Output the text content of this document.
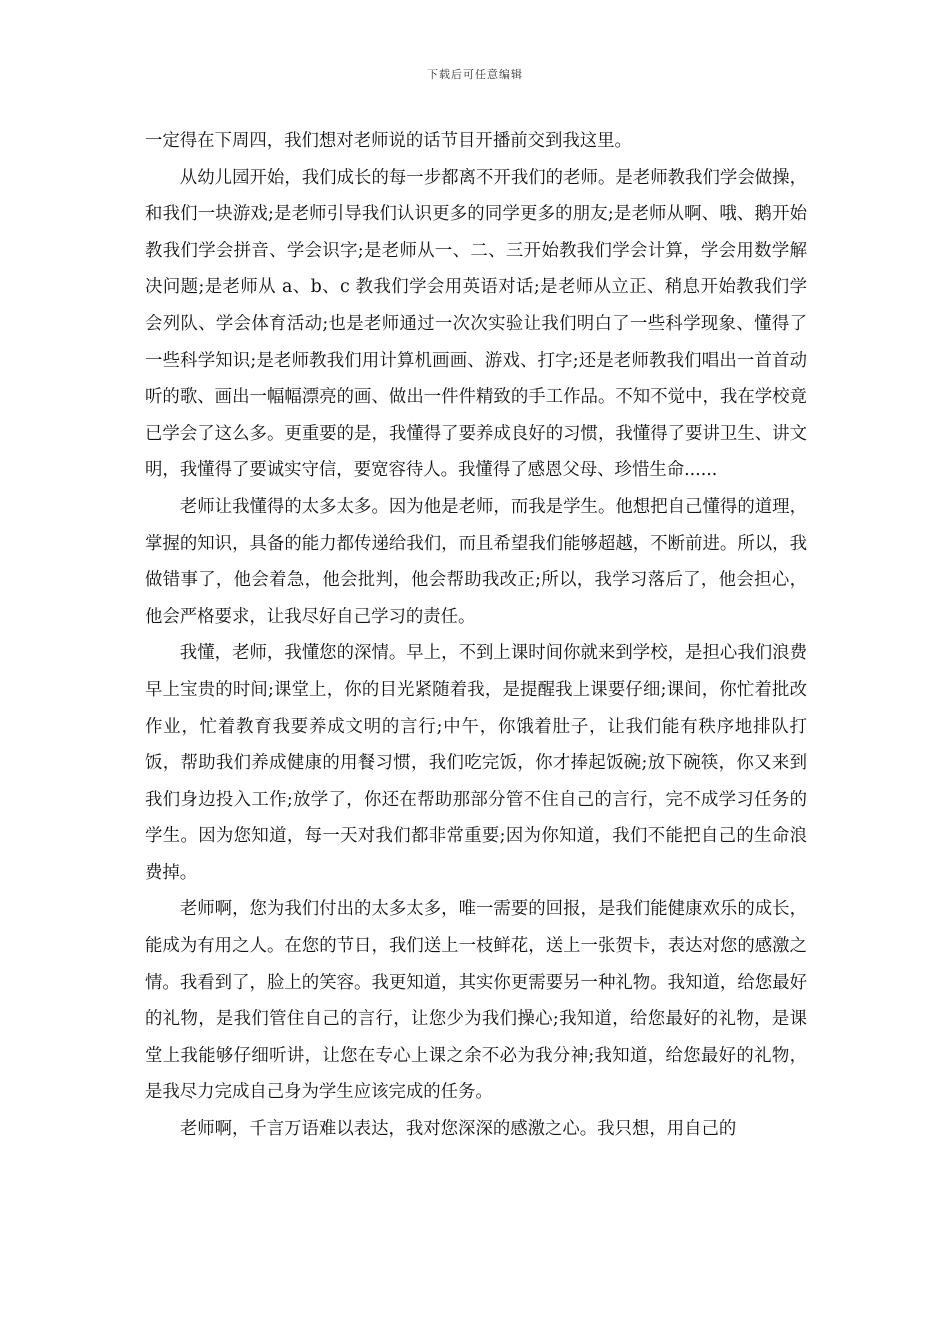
下载后可任意编辑

一定得在下周四，我们想对老师说的话节目开播前交到我这里。

从幼儿园开始，我们成长的每一步都离不开我们的老师。是老师教我们学会做操，和我们一块游戏;是老师引导我们认识更多的同学更多的朋友;是老师从啊、哦、鹅开始教我们学会拼音、学会识字;是老师从一、二、三开始教我们学会计算，学会用数学解决问题;是老师从 a、b、c 教我们学会用英语对话;是老师从立正、稍息开始教我们学会列队、学会体育活动;也是老师通过一次次实验让我们明白了一些科学现象、懂得了一些科学知识;是老师教我们用计算机画画、游戏、打字;还是老师教我们唱出一首首动听的歌、画出一幅幅漂亮的画、做出一件件精致的手工作品。不知不觉中，我在学校竟已学会了这么多。更重要的是，我懂得了要养成良好的习惯，我懂得了要讲卫生、讲文明，我懂得了要诚实守信，要宽容待人。我懂得了感恩父母、珍惜生命......

老师让我懂得的太多太多。因为他是老师，而我是学生。他想把自己懂得的道理，掌握的知识，具备的能力都传递给我们，而且希望我们能够超越，不断前进。所以，我做错事了，他会着急，他会批判，他会帮助我改正;所以，我学习落后了，他会担心，他会严格要求，让我尽好自己学习的责任。

我懂，老师，我懂您的深情。早上，不到上课时间你就来到学校，是担心我们浪费早上宝贵的时间;课堂上，你的目光紧随着我，是提醒我上课要仔细;课间，你忙着批改作业，忙着教育我要养成文明的言行;中午，你饿着肚子，让我们能有秩序地排队打饭，帮助我们养成健康的用餐习惯，我们吃完饭，你才捧起饭碗;放下碗筷，你又来到我们身边投入工作;放学了，你还在帮助那部分管不住自己的言行，完不成学习任务的学生。因为您知道，每一天对我们都非常重要;因为你知道，我们不能把自己的生命浪费掉。

老师啊，您为我们付出的太多太多，唯一需要的回报，是我们能健康欢乐的成长，能成为有用之人。在您的节日，我们送上一枝鲜花，送上一张贺卡，表达对您的感激之情。我看到了，脸上的笑容。我更知道，其实你更需要另一种礼物。我知道，给您最好的礼物，是我们管住自己的言行，让您少为我们操心;我知道，给您最好的礼物，是课堂上我能够仔细听讲，让您在专心上课之余不必为我分神;我知道，给您最好的礼物，是我尽力完成自己身为学生应该完成的任务。

老师啊，千言万语难以表达，我对您深深的感激之心。我只想，用自己的
